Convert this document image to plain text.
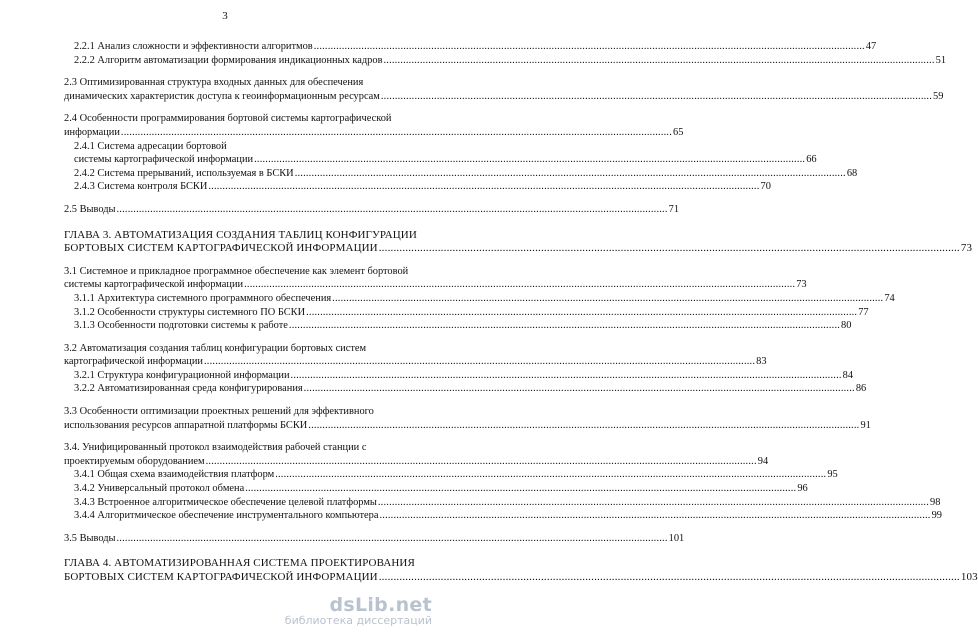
3
2.2.1 Анализ сложности и эффективности алгоритмов .....	47
2.2.2 Алгоритм автоматизации формирования индикационных кадров .....	51
2.3 Оптимизированная структура входных данных для обеспечения
динамических характеристик доступа к геоинформационным ресурсам .....	59
2.4 Особенности программирования бортовой системы картографической
информации .....	65
2.4.1 Система адресации бортовой
системы картографической информации .....	66
2.4.2 Система прерываний, используемая в БСКИ .....	68
2.4.3 Система контроля БСКИ .....	70
2.5 Выводы .....	71
ГЛАВА 3. АВТОМАТИЗАЦИЯ СОЗДАНИЯ ТАБЛИЦ КОНФИГУРАЦИИ
БОРТОВЫХ СИСТЕМ КАРТОГРАФИЧЕСКОЙ ИНФОРМАЦИИ .....	73
3.1 Системное и прикладное программное обеспечение как элемент бортовой
системы картографической информации .....	73
3.1.1 Архитектура системного программного обеспечения .....	74
3.1.2 Особенности структуры системного ПО БСКИ .....	77
3.1.3 Особенности подготовки системы к работе .....	80
3.2 Автоматизация создания таблиц конфигурации бортовых систем
картографической информации .....	83
3.2.1 Структура конфигурационной информации .....	84
3.2.2 Автоматизированная среда конфигурирования .....	86
3.3 Особенности оптимизации проектных решений для эффективного
использования ресурсов аппаратной платформы БСКИ .....	91
3.4. Унифицированный протокол взаимодействия рабочей станции с
проектируемым оборудованием .....	94
3.4.1 Общая схема взаимодействия платформ .....	95
3.4.2 Универсальный протокол обмена .....	96
3.4.3 Встроенное алгоритмическое обеспечение целевой платформы .....	98
3.4.4 Алгоритмическое обеспечение инструментального компьютера .....	99
3.5 Выводы .....	101
ГЛАВА 4. АВТОМАТИЗИРОВАННАЯ СИСТЕМА ПРОЕКТИРОВАНИЯ
БОРТОВЫХ СИСТЕМ КАРТОГРАФИЧЕСКОЙ ИНФОРМАЦИИ .....	103
dsLib.net
библиотека диссертаций
